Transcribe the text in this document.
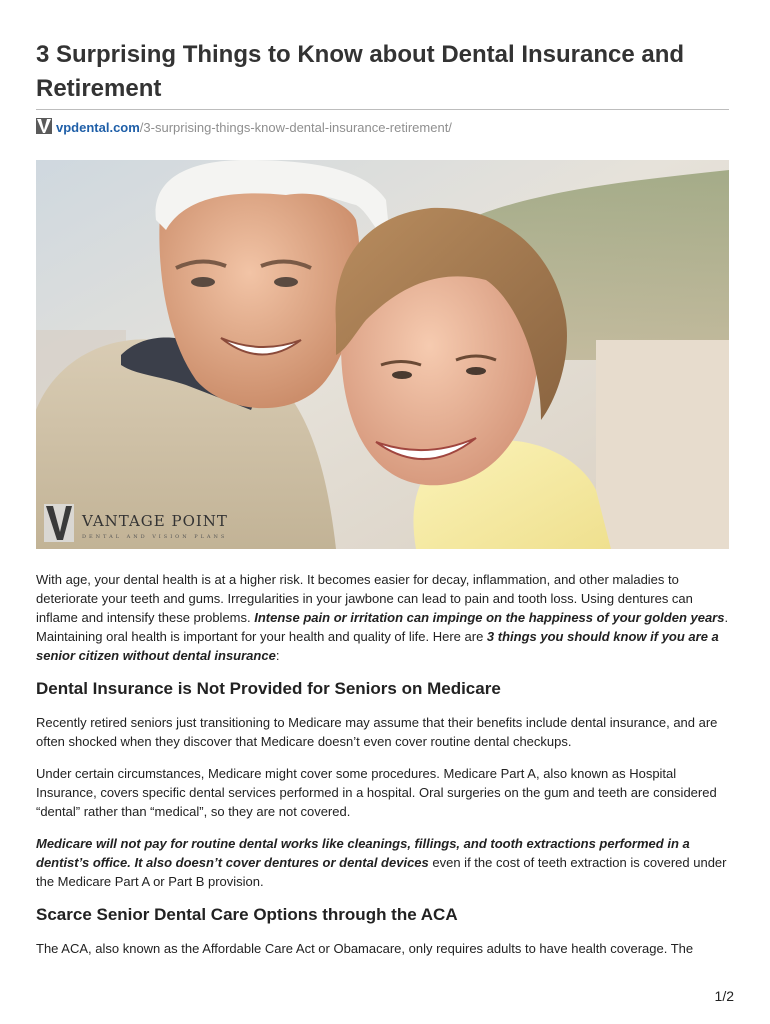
3 Surprising Things to Know about Dental Insurance and Retirement
vpdental.com/3-surprising-things-know-dental-insurance-retirement/
VANTAGE POINT
DENTAL AND VISION PLANS

With age, your dental health is at a higher risk. It becomes easier for decay, inflammation, and other maladies to deteriorate your teeth and gums. Irregularities in your jawbone can lead to pain and tooth loss. Using dentures can inflame and intensify these problems. Intense pain or irritation can impinge on the happiness of your golden years. Maintaining oral health is important for your health and quality of life. Here are 3 things you should know if you are a senior citizen without dental insurance:

Dental Insurance is Not Provided for Seniors on Medicare

Recently retired seniors just transitioning to Medicare may assume that their benefits include dental insurance, and are often shocked when they discover that Medicare doesn’t even cover routine dental checkups.

Under certain circumstances, Medicare might cover some procedures. Medicare Part A, also known as Hospital Insurance, covers specific dental services performed in a hospital. Oral surgeries on the gum and teeth are considered “dental” rather than “medical”, so they are not covered.

Medicare will not pay for routine dental works like cleanings, fillings, and tooth extractions performed in a dentist’s office. It also doesn’t cover dentures or dental devices even if the cost of teeth extraction is covered under the Medicare Part A or Part B provision.

Scarce Senior Dental Care Options through the ACA

The ACA, also known as the Affordable Care Act or Obamacare, only requires adults to have health coverage. The

1/2
